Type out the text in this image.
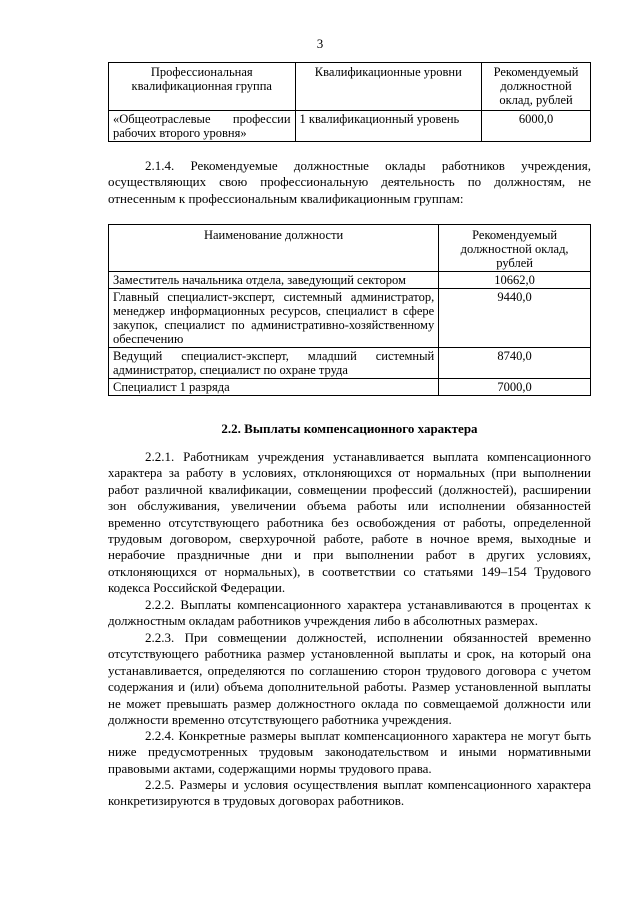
3
Профессиональная квалификационная группа	Квалификационные уровни	Рекомендуемый должностной оклад, рублей
«Общеотраслевые профессии рабочих второго уровня»	1 квалификационный уровень	6000,0
2.1.4. Рекомендуемые должностные оклады работников учреждения, осуществляющих свою профессиональную деятельность по должностям, не отнесенным к профессиональным квалификационным группам:
Наименование должности	Рекомендуемый должностной оклад, рублей
Заместитель начальника отдела, заведующий сектором	10662,0
Главный специалист-эксперт, системный администратор, менеджер информационных ресурсов, специалист в сфере закупок, специалист по административно-хозяйственному обеспечению	9440,0
Ведущий специалист-эксперт, младший системный администратор, специалист по охране труда	8740,0
Специалист 1 разряда	7000,0
2.2. Выплаты компенсационного характера
2.2.1. Работникам учреждения устанавливается выплата компенсационного характера за работу в условиях, отклоняющихся от нормальных (при выполнении работ различной квалификации, совмещении профессий (должностей), расширении зон обслуживания, увеличении объема работы или исполнении обязанностей временно отсутствующего работника без освобождения от работы, определенной трудовым договором, сверхурочной работе, работе в ночное время, выходные и нерабочие праздничные дни и при выполнении работ в других условиях, отклоняющихся от нормальных), в соответствии со статьями 149–154 Трудового кодекса Российской Федерации.
2.2.2. Выплаты компенсационного характера устанавливаются в процентах к должностным окладам работников учреждения либо в абсолютных размерах.
2.2.3. При совмещении должностей, исполнении обязанностей временно отсутствующего работника размер установленной выплаты и срок, на который она устанавливается, определяются по соглашению сторон трудового договора с учетом содержания и (или) объема дополнительной работы. Размер установленной выплаты не может превышать размер должностного оклада по совмещаемой должности или должности временно отсутствующего работника учреждения.
2.2.4. Конкретные размеры выплат компенсационного характера не могут быть ниже предусмотренных трудовым законодательством и иными нормативными правовыми актами, содержащими нормы трудового права.
2.2.5. Размеры и условия осуществления выплат компенсационного характера конкретизируются в трудовых договорах работников.
